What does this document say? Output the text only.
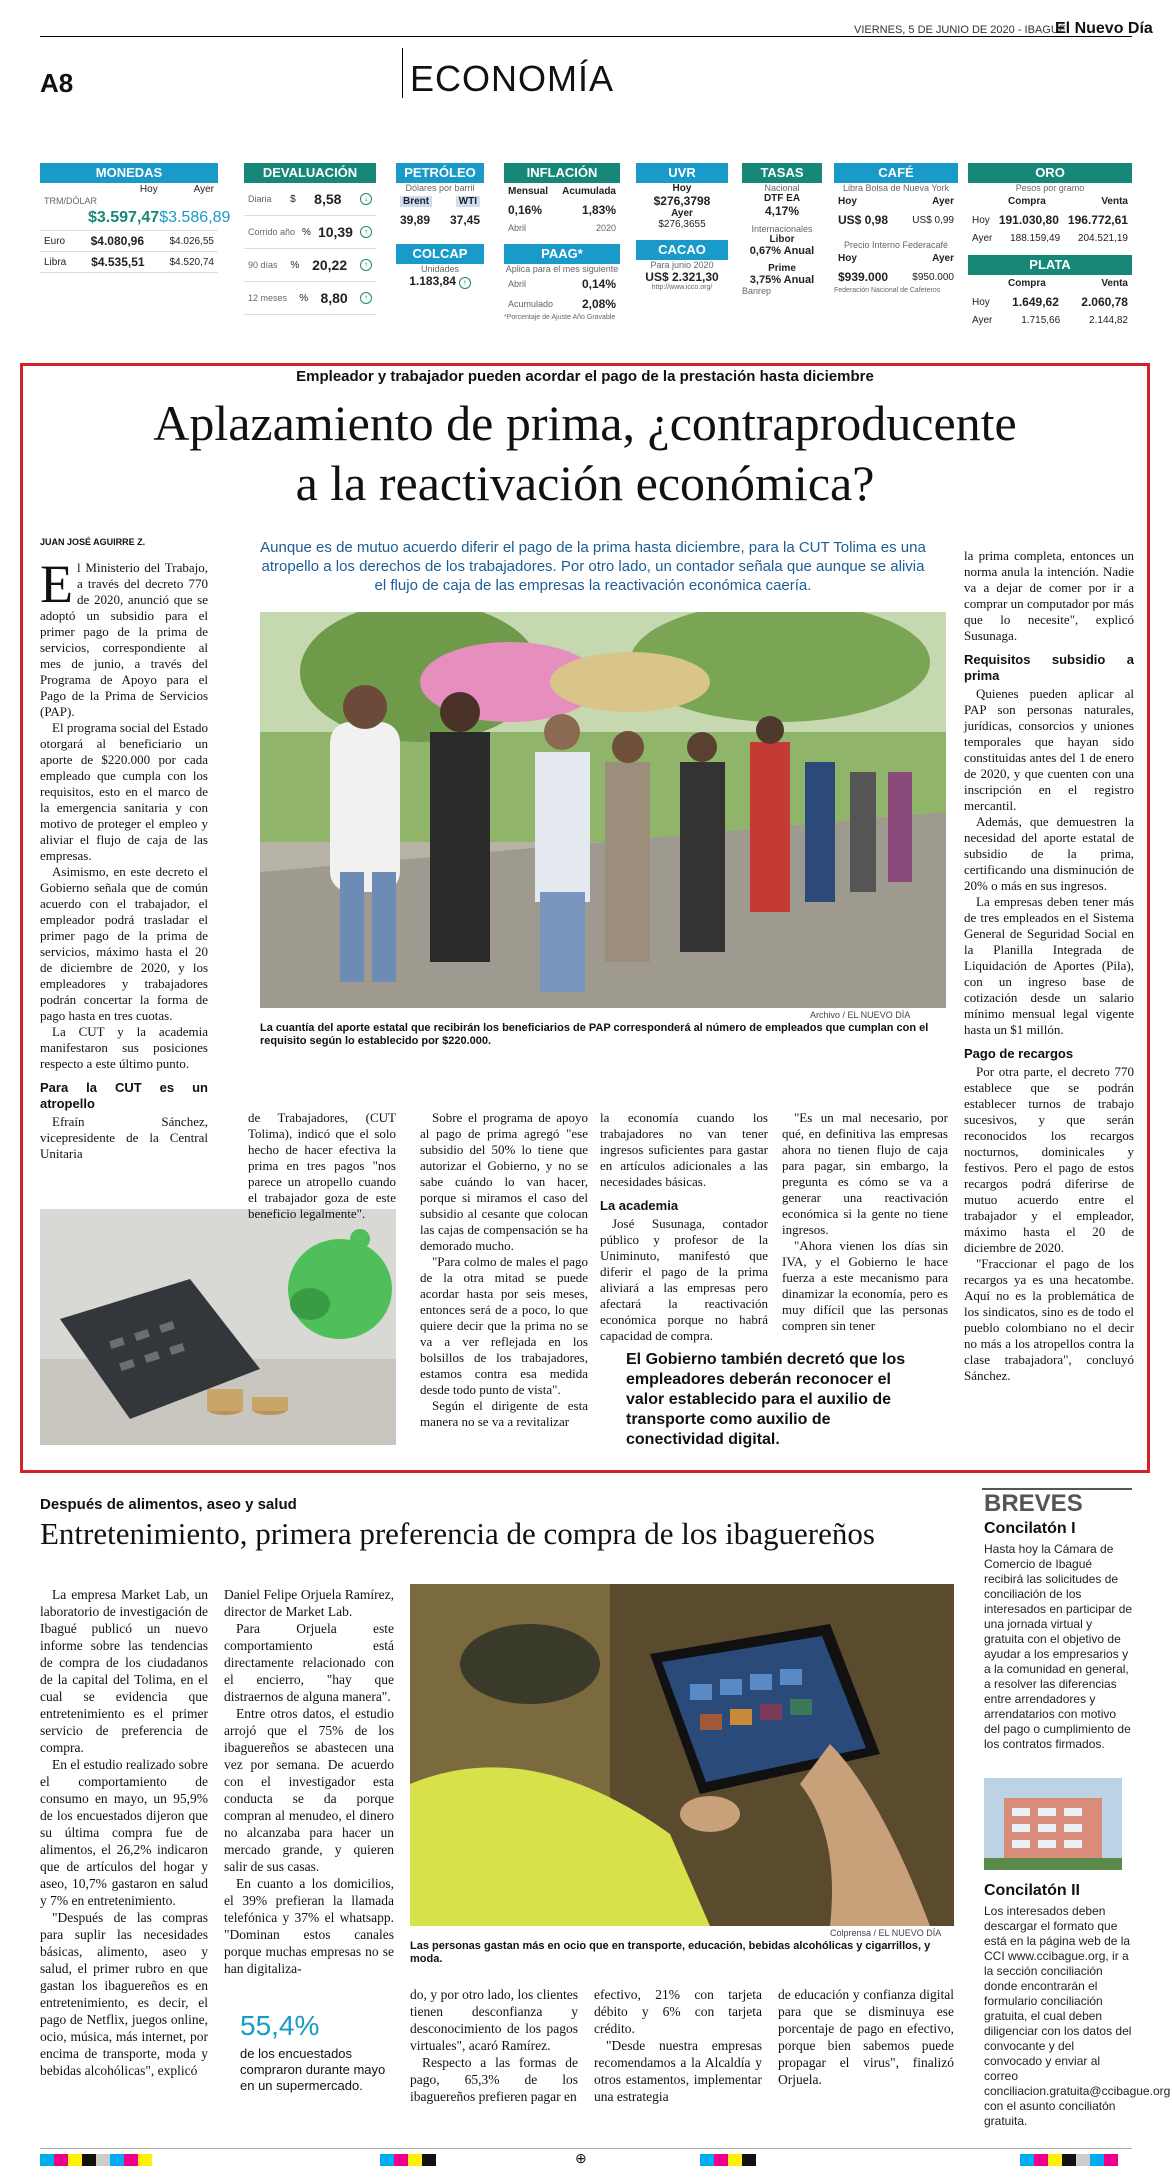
VIERNES, 5 DE JUNIO DE 2020 - IBAGUÉ
El Nuevo Día
A8	ECONOMÍA
MONEDAS
Hoy	Ayer
TRM/DÓLAR
$3.597,47 $3.586,89
Euro $4.080,96	$4.026,55
Libra $4.535,51 $4.520,74
DEVALUACIÓN
Diaria $ 8,58	↓
Corrido año % 10,39	↑
90 días % 20,22	↑
12 meses % 8,80	↑
PETRÓLEO
Dólares por barril
Brent	WTI
39,89 37,45
COLCAP
Unidades
1.183,84 ↑
INFLACIÓN
Mensual Acumulada
0,16%	1,83%
Abril	2020
PAAG*
Aplica para el mes siguiente
Abril	0,14%
Acumulado 2,08%
*Porcentaje de Ajuste Año Gravable
UVR
Hoy
$276,3798
Ayer
$276,3655
CACAO
Para junio 2020
US$ 2.321,30
http://www.icco.org/
TASAS
Nacional
DTF EA
4,17%
Internacionales
Libor
0,67% Anual
Prime
3,75% Anual
Banrep
CAFÉ
Libra Bolsa de Nueva York
Hoy	Ayer
US$ 0,98 US$ 0,99
Precio Interno Federacafé
Hoy	Ayer
$939.000 $950.000
Federación Nacional de Cafeteros
ORO
Pesos por gramo
Compra	Venta
Hoy 191.030,80 196.772,61
Ayer 188.159,49 204.521,19
PLATA
Compra	Venta
Hoy 1.649,62 2.060,78
Ayer	1.715,66	2.144,82
Empleador y trabajador pueden acordar el pago de la prestación hasta diciembre
Aplazamiento de prima, ¿contraproducente
a la reactivación económica?
JUAN JOSÉ AGUIRRE Z.

El Ministerio del Trabajo, a través del decreto 770 de 2020, anunció que se adoptó un subsidio para el primer pago de la prima de servicios, correspondiente al mes de junio, a través del Programa de Apoyo para el Pago de la Prima de Servicios (PAP).

El programa social del Estado otorgará al beneficiario un aporte de $220.000 por cada empleado que cumpla con los requisitos, esto en el marco de la emergencia sanitaria y con motivo de proteger el empleo y aliviar el flujo de caja de las empresas.

Asimismo, en este decreto el Gobierno señala que de común acuerdo con el trabajador, el empleador podrá trasladar el primer pago de la prima de servicios, máximo hasta el 20 de diciembre de 2020, y los empleadores y trabajadores podrán concertar la forma de pago hasta en tres cuotas.

La CUT y la academia manifestaron sus posiciones respecto a este último punto.

Para la CUT es un atropello

Efraín Sánchez, vicepresidente de la Central Unitaria

Aunque es de mutuo acuerdo diferir el pago de la prima hasta diciembre, para la CUT Tolima es una atropello a los derechos de los trabajadores. Por otro lado, un contador señala que aunque se alivia el flujo de caja de las empresas la reactivación económica caería.
Archivo / EL NUEVO DÍA
La cuantía del aporte estatal que recibirán los beneficiarios de PAP corresponderá al número de empleados que cumplan con el requisito según lo establecido por $220.000.

de Trabajadores, (CUT Tolima), indicó que el solo hecho de hacer efectiva la prima en tres pagos "nos parece un atropello cuando el trabajador goza de este beneficio legalmente".

Sobre el programa de apoyo al pago de prima agregó "ese subsidio del 50% lo tiene que autorizar el Gobierno, y no se sabe cuándo lo van hacer, porque si miramos el caso del subsidio al cesante que colocan las cajas de compensación se ha demorado mucho.

"Para colmo de males el pago de la otra mitad se puede acordar hasta por seis meses, entonces será de a poco, lo que quiere decir que la prima no se va a ver reflejada en los bolsillos de los trabajadores, estamos contra esa medida desde todo punto de vista".

Según el dirigente de esta manera no se va a revitalizar

la economía cuando los trabajadores no van tener ingresos suficientes para gastar en artículos adicionales a las necesidades básicas.

La academia

José Susunaga, contador público y profesor de la Uniminuto, manifestó que diferir el pago de la prima aliviará a las empresas pero afectará la reactivación económica porque no habrá capacidad de compra.

"Es un mal necesario, por qué, en definitiva las empresas ahora no tienen flujo de caja para pagar, sin embargo, la pregunta es cómo se va a generar una reactivación económica si la gente no tiene ingresos.

"Ahora vienen los días sin IVA, y el Gobierno le hace fuerza a este mecanismo para dinamizar la economía, pero es muy difícil que las personas compren sin tener

El Gobierno también decretó que los empleadores deberán reconocer el valor establecido para el auxilio de transporte como auxilio de conectividad digital.

la prima completa, entonces un norma anula la intención. Nadie va a dejar de comer por ir a comprar un computador por más que lo necesite", explicó Susunaga.

Requisitos subsidio a prima

Quienes pueden aplicar al PAP son personas naturales, jurídicas, consorcios y uniones temporales que hayan sido constituidas antes del 1 de enero de 2020, y que cuenten con una inscripción en el registro mercantil.

Además, que demuestren la necesidad del aporte estatal de subsidio de la prima, certificando una disminución de 20% o más en sus ingresos.

La empresas deben tener más de tres empleados en el Sistema General de Seguridad Social en la Planilla Integrada de Liquidación de Aportes (Pila), con un ingreso base de cotización desde un salario mínimo mensual legal vigente hasta un $1 millón.

Pago de recargos

Por otra parte, el decreto 770 establece que se podrán establecer turnos de trabajo sucesivos, y que serán reconocidos los recargos nocturnos, dominicales y festivos. Pero el pago de estos recargos podrá diferirse de mutuo acuerdo entre el trabajador y el empleador, máximo hasta el 20 de diciembre de 2020.

"Fraccionar el pago de los recargos ya es una hecatombe. Aquí no es la problemática de los sindicatos, sino es de todo el pueblo colombiano no el decir no más a los atropellos contra la clase trabajadora", concluyó Sánchez.

Después de alimentos, aseo y salud
Entretenimiento, primera preferencia de compra de los ibaguereños

La empresa Market Lab, un laboratorio de investigación de Ibagué publicó un nuevo informe sobre las tendencias de compra de los ciudadanos de la capital del Tolima, en el cual se evidencia que entretenimiento es el primer servicio de preferencia de compra.

En el estudio realizado sobre el comportamiento de consumo en mayo, un 95,9% de los encuestados dijeron que su última compra fue de alimentos, el 26,2% indicaron que de artículos del hogar y aseo, 10,7% gastaron en salud y 7% en entretenimiento.

"Después de las compras para suplir las necesidades básicas, alimento, aseo y salud, el primer rubro en que gastan los ibaguereños es en entretenimiento, es decir, el pago de Netflix, juegos online, ocio, música, más internet, por encima de transporte, moda y bebidas alcohólicas", explicó

Daniel Felipe Orjuela Ramírez, director de Market Lab.

Para Orjuela este comportamiento está directamente relacionado con el encierro, "hay que distraernos de alguna manera".

Entre otros datos, el estudio arrojó que el 75% de los ibaguereños se abastecen una vez por semana. De acuerdo con el investigador esta conducta se da porque compran al menudeo, el dinero no alcanzaba para hacer un mercado grande, y quieren salir de sus casas.

En cuanto a los domicilios, el 39% prefieran la llamada telefónica y 37% el whatsapp. "Dominan estos canales porque muchas empresas no se han digitaliza-

55,4%
de los encuestados compraron durante mayo en un supermercado.
Colprensa / EL NUEVO DÍA
Las personas gastan más en ocio que en transporte, educación, bebidas alcohólicas y cigarrillos, y moda.

do, y por otro lado, los clientes tienen desconfianza y desconocimiento de los pagos virtuales", acaró Ramírez.

Respecto a las formas de pago, 65,3% de los ibaguereños prefieren pagar en

efectivo, 21% con tarjeta débito y 6% con tarjeta crédito.

"Desde nuestra empresas recomendamos a la Alcaldía y otros estamentos, implementar una estrategia

de educación y confianza digital para que se disminuya ese porcentaje de pago en efectivo, porque bien sabemos puede propagar el virus", finalizó Orjuela.

BREVES
Concilatón I
Hasta hoy la Cámara de Comercio de Ibagué recibirá las solicitudes de conciliación de los interesados en participar de una jornada virtual y gratuita con el objetivo de ayudar a los empresarios y a la comunidad en general, a resolver las diferencias entre arrendadores y arrendatarios con motivo del pago o cumplimiento de los contratos firmados.
Concilatón II
Los interesados deben descargar el formato que está en la página web de la CCI www.ccibague.org, ir a la sección conciliación donde encontrarán el formulario conciliación gratuita, el cual deben diligenciar con los datos del convocante y del convocado y enviar al correo conciliacion.gratuita@ccibague.org con el asunto conciliatón gratuita.
⊕
